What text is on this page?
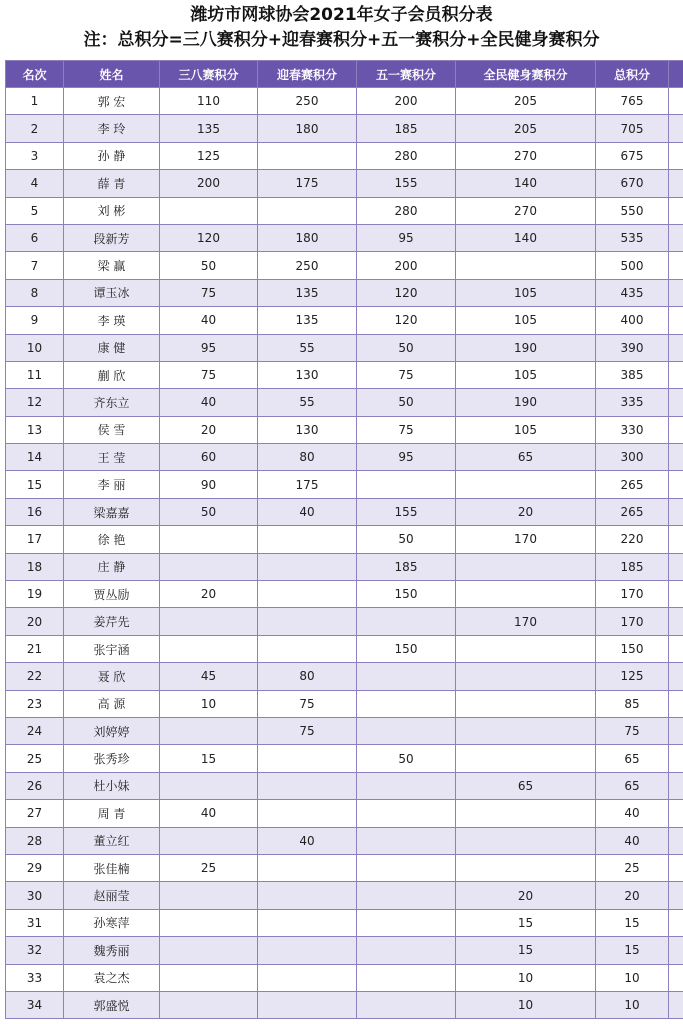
潍坊市网球协会2021年女子会员积分表
注：总积分=三八赛积分+迎春赛积分+五一赛积分+全民健身赛积分
名次	姓名	三八赛积分	迎春赛积分	五一赛积分	全民健身赛积分	总积分	
1	郭 宏	110	250	200	205	765	
2	李 玲	135	180	185	205	705	
3	孙 静	125		280	270	675	
4	薛 青	200	175	155	140	670	
5	刘 彬			280	270	550	
6	段新芳	120	180	95	140	535	
7	梁 赢	50	250	200		500	
8	谭玉冰	75	135	120	105	435	
9	李 瑛	40	135	120	105	400	
10	康 健	95	55	50	190	390	
11	蒯 欣	75	130	75	105	385	
12	齐东立	40	55	50	190	335	
13	侯 雪	20	130	75	105	330	
14	王 莹	60	80	95	65	300	
15	李 丽	90	175			265	
16	梁嘉嘉	50	40	155	20	265	
17	徐 艳			50	170	220	
18	庄 静			185		185	
19	贾丛励	20		150		170	
20	姜芹先				170	170	
21	张宇涵			150		150	
22	聂 欣	45	80			125	
23	高 源	10	75			85	
24	刘婷婷		75			75	
25	张秀珍	15		50		65	
26	杜小妹				65	65	
27	周 青	40				40	
28	董立红		40			40	
29	张佳楠	25				25	
30	赵丽莹				20	20	
31	孙寒萍				15	15	
32	魏秀丽				15	15	
33	袁之杰				10	10	
34	郭盛悦				10	10	
